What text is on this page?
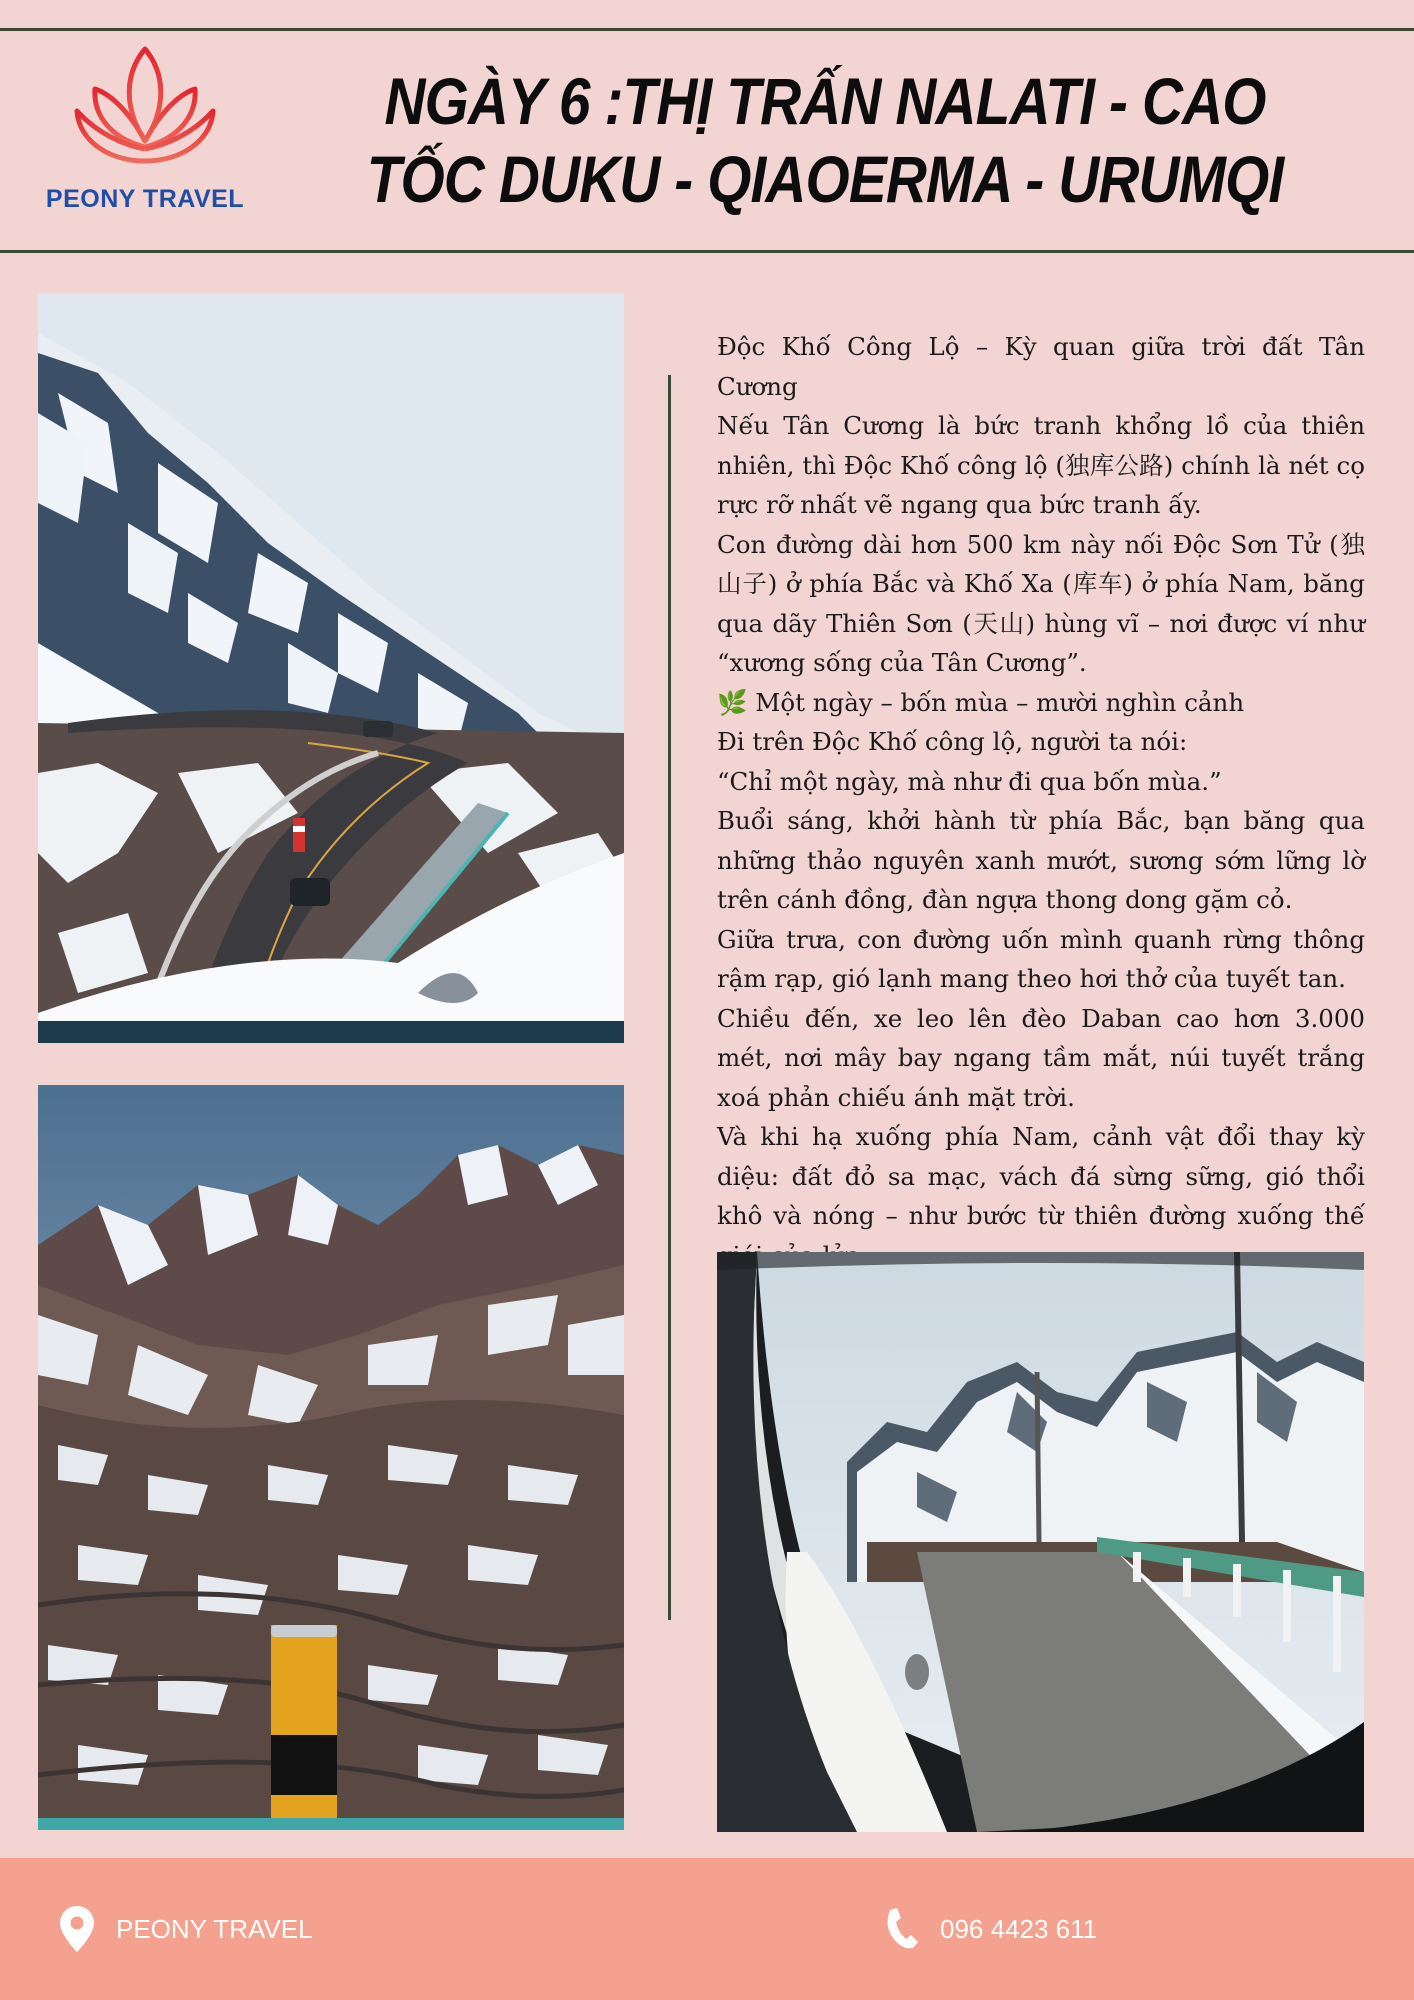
PEONY TRAVEL
NGÀY 6 :THỊ TRẤN NALATI - CAO TỐC DUKU - QIAOERMA - URUMQI

Độc Khố Công Lộ – Kỳ quan giữa trời đất Tân Cương

Nếu Tân Cương là bức tranh khổng lồ của thiên nhiên, thì Độc Khố công lộ (独库公路) chính là nét cọ rực rỡ nhất vẽ ngang qua bức tranh ấy.

Con đường dài hơn 500 km này nối Độc Sơn Tử (独山子) ở phía Bắc và Khố Xa (库车) ở phía Nam, băng qua dãy Thiên Sơn (天山) hùng vĩ – nơi được ví như “xương sống của Tân Cương”.

🌿 Một ngày – bốn mùa – mười nghìn cảnh

Đi trên Độc Khố công lộ, người ta nói:

“Chỉ một ngày, mà như đi qua bốn mùa.”

Buổi sáng, khởi hành từ phía Bắc, bạn băng qua những thảo nguyên xanh mướt, sương sớm lững lờ trên cánh đồng, đàn ngựa thong dong gặm cỏ.

Giữa trưa, con đường uốn mình quanh rừng thông rậm rạp, gió lạnh mang theo hơi thở của tuyết tan.

Chiều đến, xe leo lên đèo Daban cao hơn 3.000 mét, nơi mây bay ngang tầm mắt, núi tuyết trắng xoá phản chiếu ánh mặt trời.

Và khi hạ xuống phía Nam, cảnh vật đổi thay kỳ diệu: đất đỏ sa mạc, vách đá sừng sững, gió thổi khô và nóng – như bước từ thiên đường xuống thế

PEONY TRAVEL	096 4423 611
